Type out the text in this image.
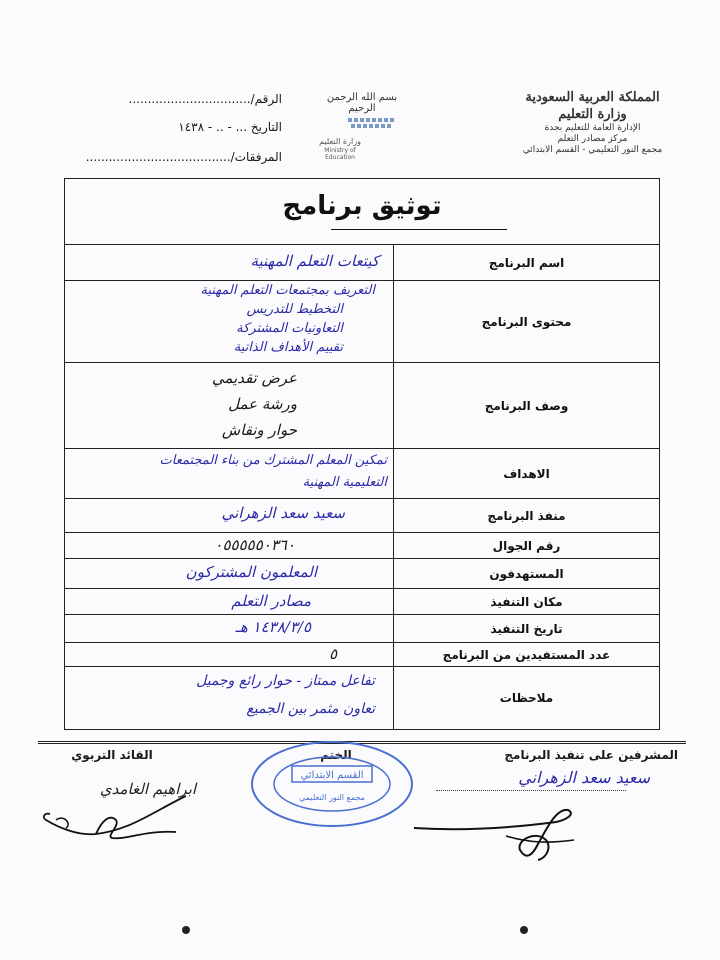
الرقم/................................
التاريخ ... - .. - ١٤٣٨
المرفقات/......................................
بسم الله الرحمن الرحيم
وزارة التعليم
Ministry of Education
المملكة العربية السعودية
وزارة التعليم
الإدارة العامة للتعليم بجدة
مركز مصادر التعلم
مجمع النور التعليمي - القسم الابتدائي
توثيق برنامج
اسم البرنامج
كيتعات التعلم المهنية
محتوى البرنامج
التعريف بمجتمعات التعلم المهنية
التخطيط للتدريس
التعاونيات المشتركة
تقييم الأهداف الذاتية
وصف البرنامج
عرض تقديمي
ورشة عمل
حوار ونقاش
الاهداف
تمكين المعلم المشترك من بناء المجتمعات
التعليمية المهنية
منفذ البرنامج
سعيد سعد الزهراني
رقم الجوال
٠٥٥٥٥٥٠٣٦٠
المستهدفون
المعلمون المشتركون
مكان التنفيذ
مصادر التعلم
تاريخ التنفيذ
١٤٣٨/٣/٥ هـ
عدد المستفيدين من البرنامج
٥
ملاحظات
تفاعل ممتاز - حوار رائع وجميل
تعاون مثمر بين الجميع
المشرفين على تنفيذ البرنامج
الختم
القائد التربوي
سعيد سعد الزهراني
ابراهيم الغامدي
القسم الابتدائي
مجمع النور التعليمي
